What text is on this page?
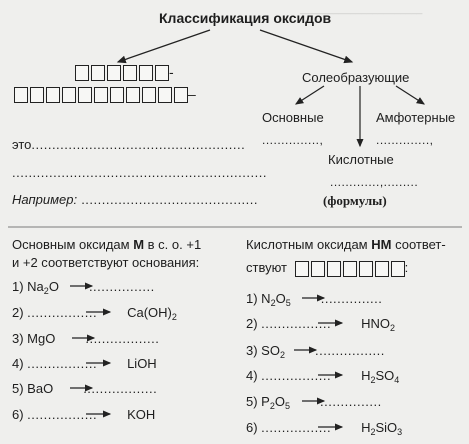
______________________
Классификация оксидов
-
–
это....................................................
..............................................................
Например: ...........................................
Солеобразующие
Основные	Амфотерные
...............,	..............,
Кислотные
.............,.........
(формулы)
Основным оксидам М в с. о. +1
и +2 соответствуют основания:
1) $Na_2O$ ................
2) ................. $Ca(OH)_2$
3) MgO ..................
4) ................. LiOH
5) BaO ..................
6) ................. KOH
Кислотным оксидам НМ соответ-
ствуют	:
1) $N_2O_5$ ...............
2) ................. $HNO_2$
3) $SO_2$ .................
4) ................. $H_2SO_4$
5) $P_2O_5$ ...............
6) ................. $H_2SiO_3$
